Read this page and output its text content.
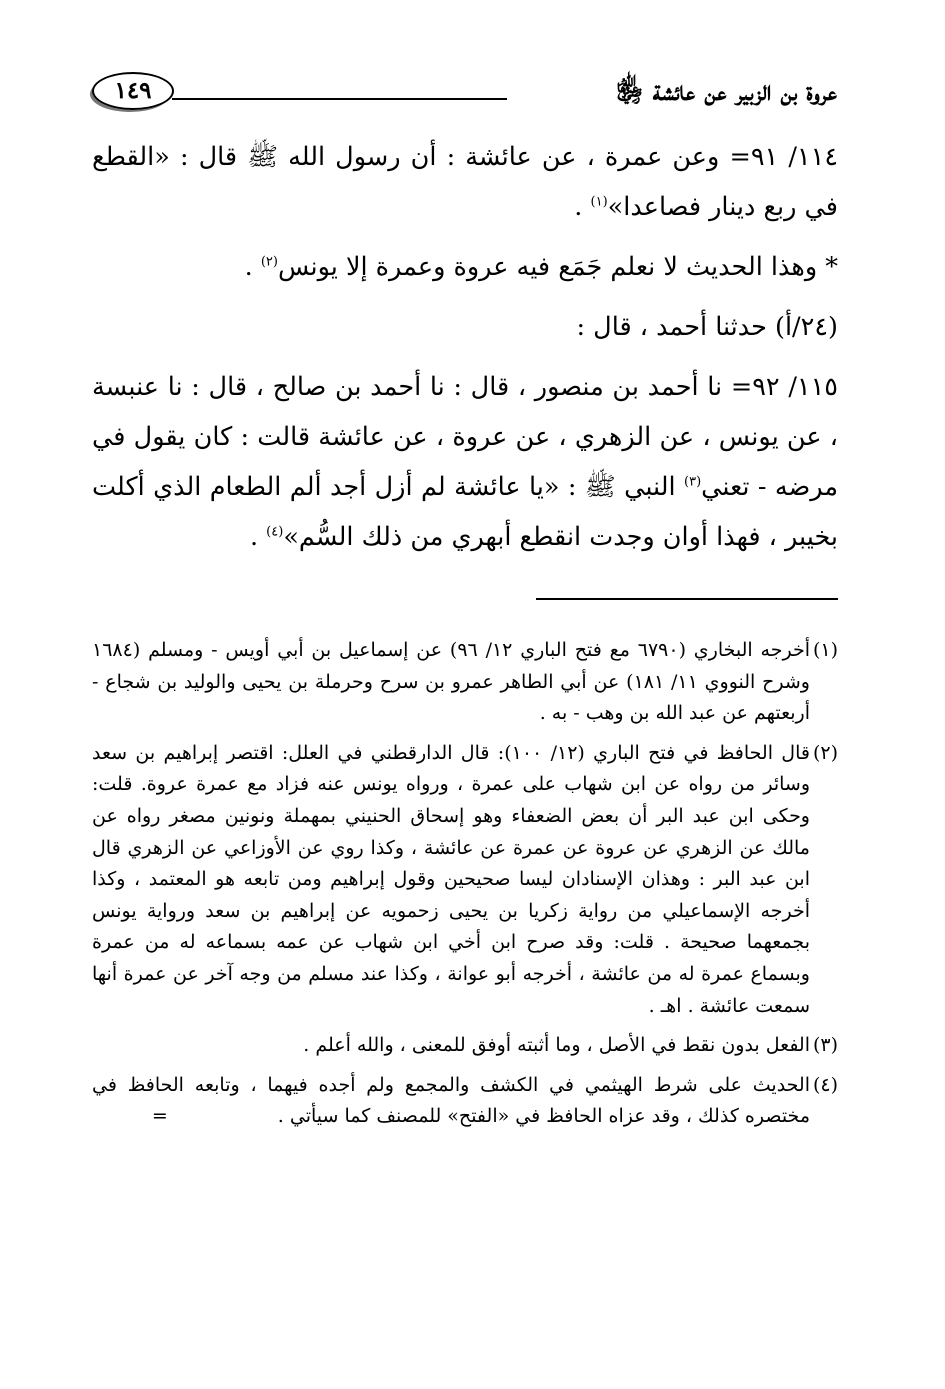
عروة بن الزبير عن عائشة ﵂
١٤٩

١١٤/ ٩١= وعن عمرة ، عن عائشة : أن رسول الله ﷺ قال : «القطع في ربع دينار فصاعدا»$^{(١)}$ .

* وهذا الحديث لا نعلم جَمَع فيه عروة وعمرة إلا يونس$^{(٢)}$ .

(٢٤/أ) حدثنا أحمد ، قال :

١١٥/ ٩٢= نا أحمد بن منصور ، قال : نا أحمد بن صالح ، قال : نا عنبسة ، عن يونس ، عن الزهري ، عن عروة ، عن عائشة قالت : كان يقول في مرضه - تعني$^{(٣)}$ النبي ﷺ : «يا عائشة لم أزل أجد ألم الطعام الذي أكلت بخيبر ، فهذا أوان وجدت انقطع أبهري من ذلك السُّم»$^{(٤)}$ .

(١)
أخرجه البخاري (٦٧٩٠ مع فتح الباري ١٢/ ٩٦) عن إسماعيل بن أبي أويس - ومسلم (١٦٨٤ وشرح النووي ١١/ ١٨١) عن أبي الطاهر عمرو بن سرح وحرملة بن يحيى والوليد بن شجاع - أربعتهم عن عبد الله بن وهب - به .
(٢)
قال الحافظ في فتح الباري (١٢/ ١٠٠): قال الدارقطني في العلل: اقتصر إبراهيم بن سعد وسائر من رواه عن ابن شهاب على عمرة ، ورواه يونس عنه فزاد مع عمرة عروة. قلت: وحكى ابن عبد البر أن بعض الضعفاء وهو إسحاق الحنيني بمهملة ونونين مصغر رواه عن مالك عن الزهري عن عروة عن عمرة عن عائشة ، وكذا روي عن الأوزاعي عن الزهري قال ابن عبد البر : وهذان الإسنادان ليسا صحيحين وقول إبراهيم ومن تابعه هو المعتمد ، وكذا أخرجه الإسماعيلي من رواية زكريا بن يحيى زحمويه عن إبراهيم بن سعد ورواية يونس بجمعهما صحيحة . قلت: وقد صرح ابن أخي ابن شهاب عن عمه بسماعه له من عمرة وبسماع عمرة له من عائشة ، أخرجه أبو عوانة ، وكذا عند مسلم من وجه آخر عن عمرة أنها سمعت عائشة . اهـ .
(٣)
الفعل بدون نقط في الأصل ، وما أثبته أوفق للمعنى ، والله أعلم .
(٤)
الحديث على شرط الهيثمي في الكشف والمجمع ولم أجده فيهما ، وتابعه الحافظ في مختصره كذلك ، وقد عزاه الحافظ في «الفتح» للمصنف كما سيأتي .=
